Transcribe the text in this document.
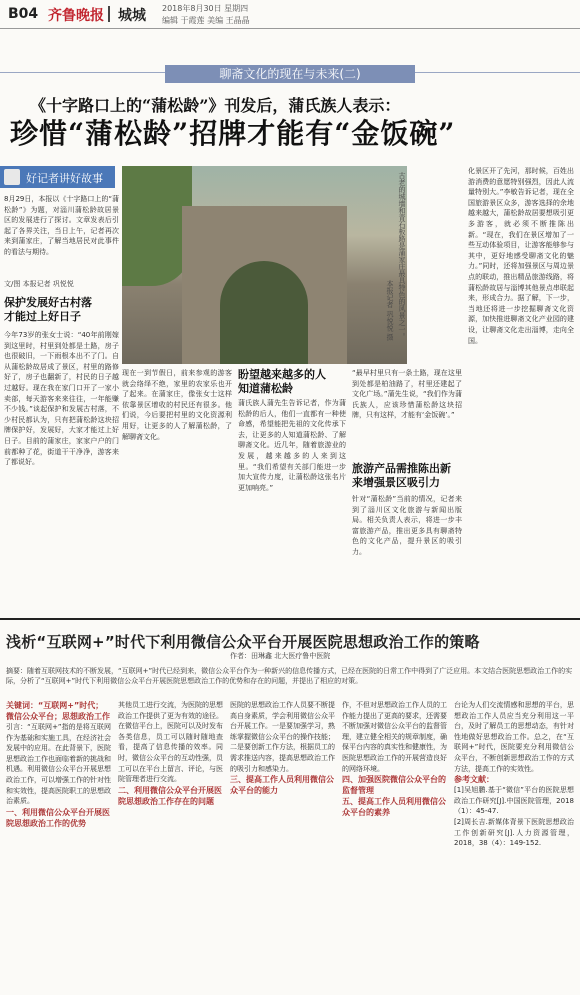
B04 齐鲁晚报 城城 2018年8月30日 星期四
编辑 于霞莲 美编 王晶晶
聊斋文化的现在与未来(二)
《十字路口上的“蒲松龄”》刊发后，蒲氏族人表示：
珍惜“蒲松龄”招牌才能有“金饭碗”
好记者讲好故事
8月29日，本报以《十字路口上的“蒲松龄”》为题，对淄川蒲松龄故居景区的发展进行了探讨。文章发表后引起了各界关注，当日上午，记者再次来到蒲家庄，了解当地居民对此事件的看法与期待。
文/图 本报记者 巩悦悦
保护发展好古村落
才能过上好日子
今年73岁的张女士说：“40年前刚嫁到这里时，村里到处都是土路，房子也很破旧，一下雨根本出不了门。自从蒲松龄故居成了景区，村里的路修好了，房子也翻新了，村民的日子越过越好。现在我在家门口开了一家小卖部，每天游客来来往往，一年能赚不少钱。”谈起保护和发展古村落，不少村民都认为，只有把蒲松龄这块招牌保护好，发展好，大家才能过上好日子。目前的蒲家庄，家家户户的门前都种了花，街道干干净净，游客来了都说好。
古老的城墙和青石板路是蒲家庄最具特色的风景之一。
本报记者 巩悦悦 摄
现在一到节假日，前来参观的游客就会络绎不绝，家里的农家乐也开了起来。在蒲家庄，像张女士这样依靠景区增收的村民还有很多。他们说，今后要把村里的文化资源利用好，让更多的人了解蒲松龄，了解聊斋文化。
盼望越来越多的人
知道蒲松龄
蒲氏族人蒲先生告诉记者，作为蒲松龄的后人，他们一直都有一种使命感，希望能把先祖的文化传承下去，让更多的人知道蒲松龄、了解聊斋文化。近几年，随着旅游业的发展，越来越多的人来到这里。“我们希望有关部门能进一步加大宣传力度，让蒲松龄这张名片更加响亮。”
“最早村里只有一条土路，现在这里到处都是柏油路了，村里还建起了文化广场。”蒲先生说，“我们作为蒲氏族人，应该珍惜蒲松龄这块招牌，只有这样，才能有‘金饭碗’。”
旅游产品需推陈出新
来增强景区吸引力
针对“蒲松龄”当前的情况，记者来到了淄川区文化旅游与新闻出版局。相关负责人表示，将进一步丰富旅游产品，推出更多具有聊斋特色的文化产品，提升景区的吸引力。
化景区开了先河，那时候，百姓出游消费的意愿特别强烈，因此人流量特别大。”李敏告诉记者，现在全国旅游景区众多，游客选择的余地越来越大，蒲松龄故居要想吸引更多游客，就必须不断推陈出新。“现在，我们在景区增加了一些互动体验项目，让游客能够参与其中，更好地感受聊斋文化的魅力。”同时，还将加强景区与周边景点的联动，推出精品旅游线路，将蒲松龄故居与淄博其他景点串联起来，形成合力。据了解，下一步，当地还将进一步挖掘聊斋文化资源，加快推进聊斋文化产业园的建设，让聊斋文化走出淄博，走向全国。
浅析“互联网+”时代下利用微信公众平台开展医院思想政治工作的策略
作者：田琳鑫 北大医疗鲁中医院
摘要：随着互联网技术的不断发展，“互联网+”时代已经到来，微信公众平台作为一种新兴的信息传播方式，已经在医院的日常工作中得到了广泛应用。本文结合医院思想政治工作的实际，分析了“互联网+”时代下利用微信公众平台开展医院思想政治工作的优势和存在的问题，并提出了相应的对策。
关键词：“互联网+”时代；微信公众平台；思想政治工作
引言：“互联网+”指的是将互联网作为基础和实施工具，在经济社会发展中的应用。在此背景下，医院思想政治工作也面临着新的挑战和机遇。利用微信公众平台开展思想政治工作，可以增强工作的针对性和实效性，提高医院职工的思想政治素质。
一、利用微信公众平台开展医院思想政治工作的优势
其他员工进行交流，为医院的思想政治工作提供了更为有效的途径。在微信平台上，医院可以及时发布各类信息，员工可以随时随地查看，提高了信息传播的效率。同时，微信公众平台的互动性强，员工可以在平台上留言、评论，与医院管理者进行交流。
二、利用微信公众平台开展医院思想政治工作存在的问题
医院的思想政治工作人员要不断提高自身素质，学会利用微信公众平台开展工作。一是要加强学习，熟练掌握微信公众平台的操作技能；二是要创新工作方法，根据员工的需求推送内容，提高思想政治工作的吸引力和感染力。
三、提高工作人员利用微信公众平台的能力
作，不但对思想政治工作人员的工作能力提出了更高的要求，还需要不断加强对微信公众平台的监督管理，建立健全相关的规章制度，确保平台内容的真实性和健康性，为医院思想政治工作的开展营造良好的网络环境。
四、加强医院微信公众平台的监督管理
五、提高工作人员利用微信公众平台的素养
台论为人们交流情感和思想的平台，思想政治工作人员应当充分利用这一平台，及时了解员工的思想动态，有针对性地做好思想政治工作。总之，在“互联网+”时代，医院要充分利用微信公众平台，不断创新思想政治工作的方式方法，提高工作的实效性。
参考文献：
[1]吴旭鹏.基于“微信”平台的医院思想政治工作研究[J].中国医院管理，2018（1）：45-47.
[2]周长吉.新媒体背景下医院思想政治工作创新研究[J].人力资源管理，2018，38（4）：149-152.
